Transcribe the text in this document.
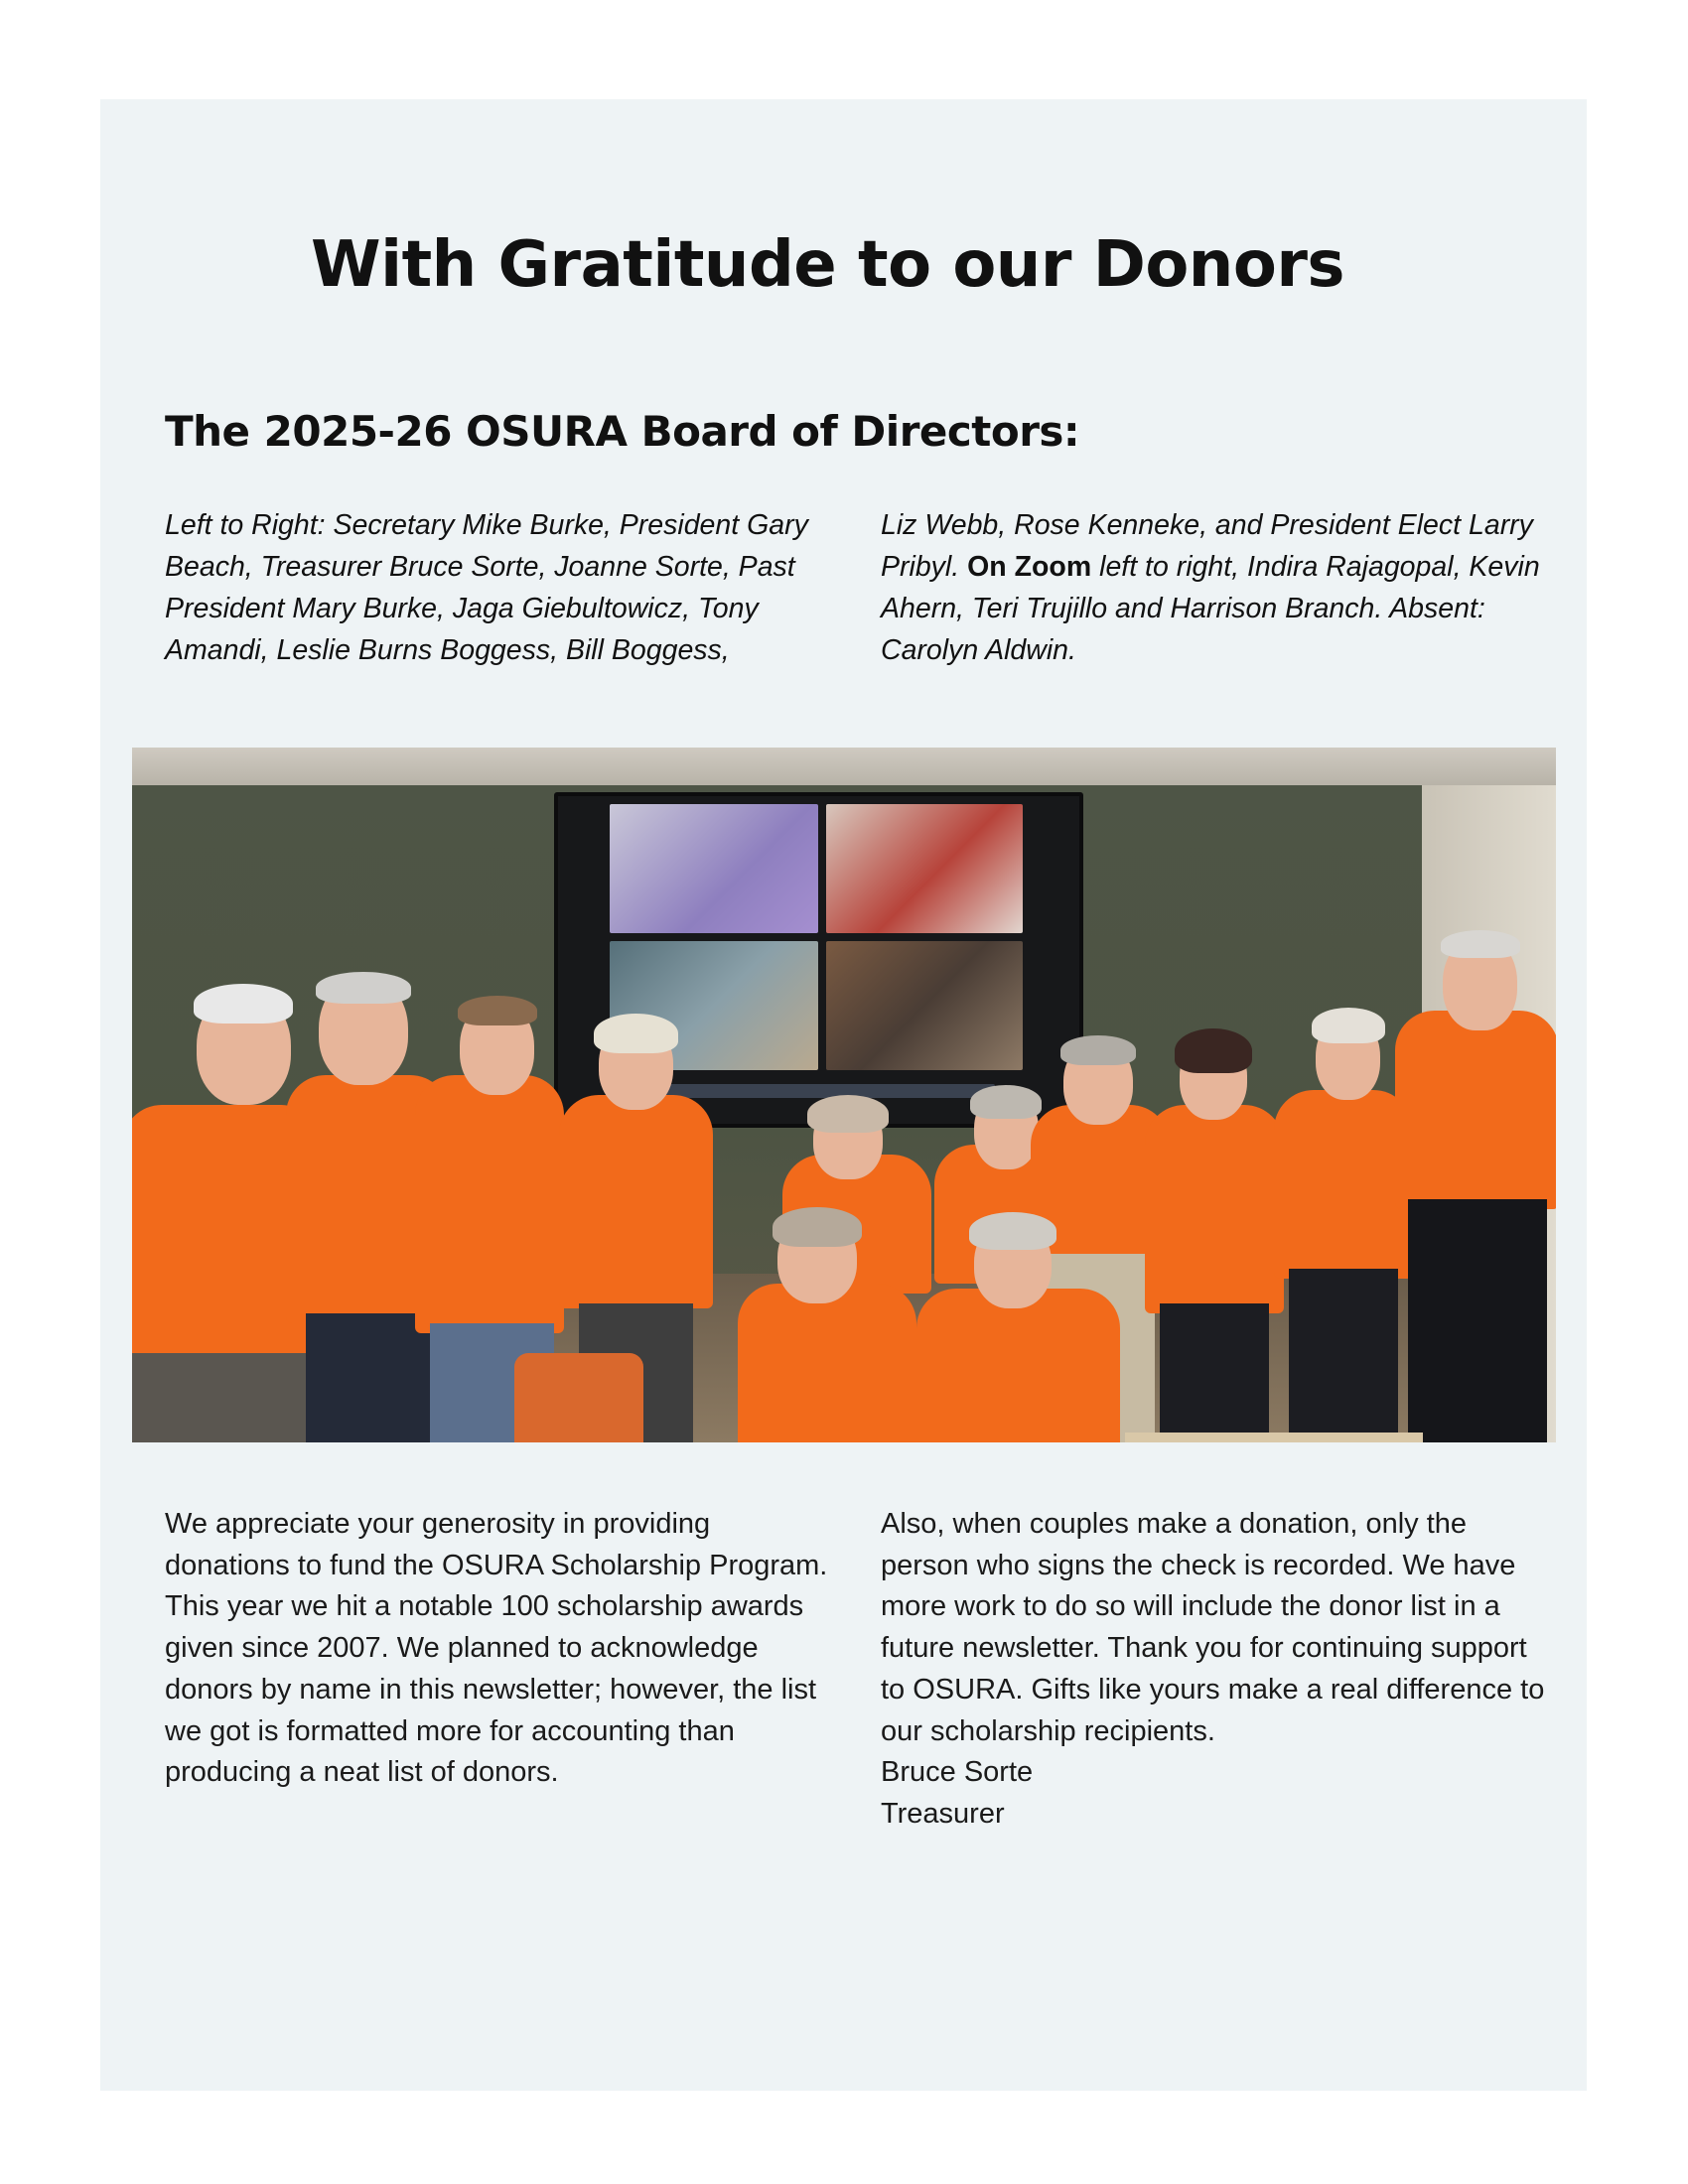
With Gratitude to our Donors
The 2025-26 OSURA Board of Directors:
Left to Right: Secretary Mike Burke, President Gary Beach, Treasurer Bruce Sorte, Joanne Sorte, Past President Mary Burke, Jaga Giebultowicz, Tony Amandi, Leslie Burns Boggess, Bill Boggess,
Liz Webb, Rose Kenneke, and President Elect Larry Pribyl. On Zoom left to right, Indira Rajagopal, Kevin Ahern, Teri Trujillo and Harrison Branch. Absent: Carolyn Aldwin.

We appreciate your generosity in providing donations to fund the OSURA Scholarship Program. This year we hit a notable 100 scholarship awards given since 2007. We planned to acknowledge donors by name in this newsletter; however, the list we got is formatted more for accounting than producing a neat list of donors.

Also, when couples make a donation, only the person who signs the check is recorded. We have more work to do so will include the donor list in a future newsletter. Thank you for continuing support to OSURA. Gifts like yours make a real difference to our scholarship recipients.

Bruce Sorte

Treasurer
